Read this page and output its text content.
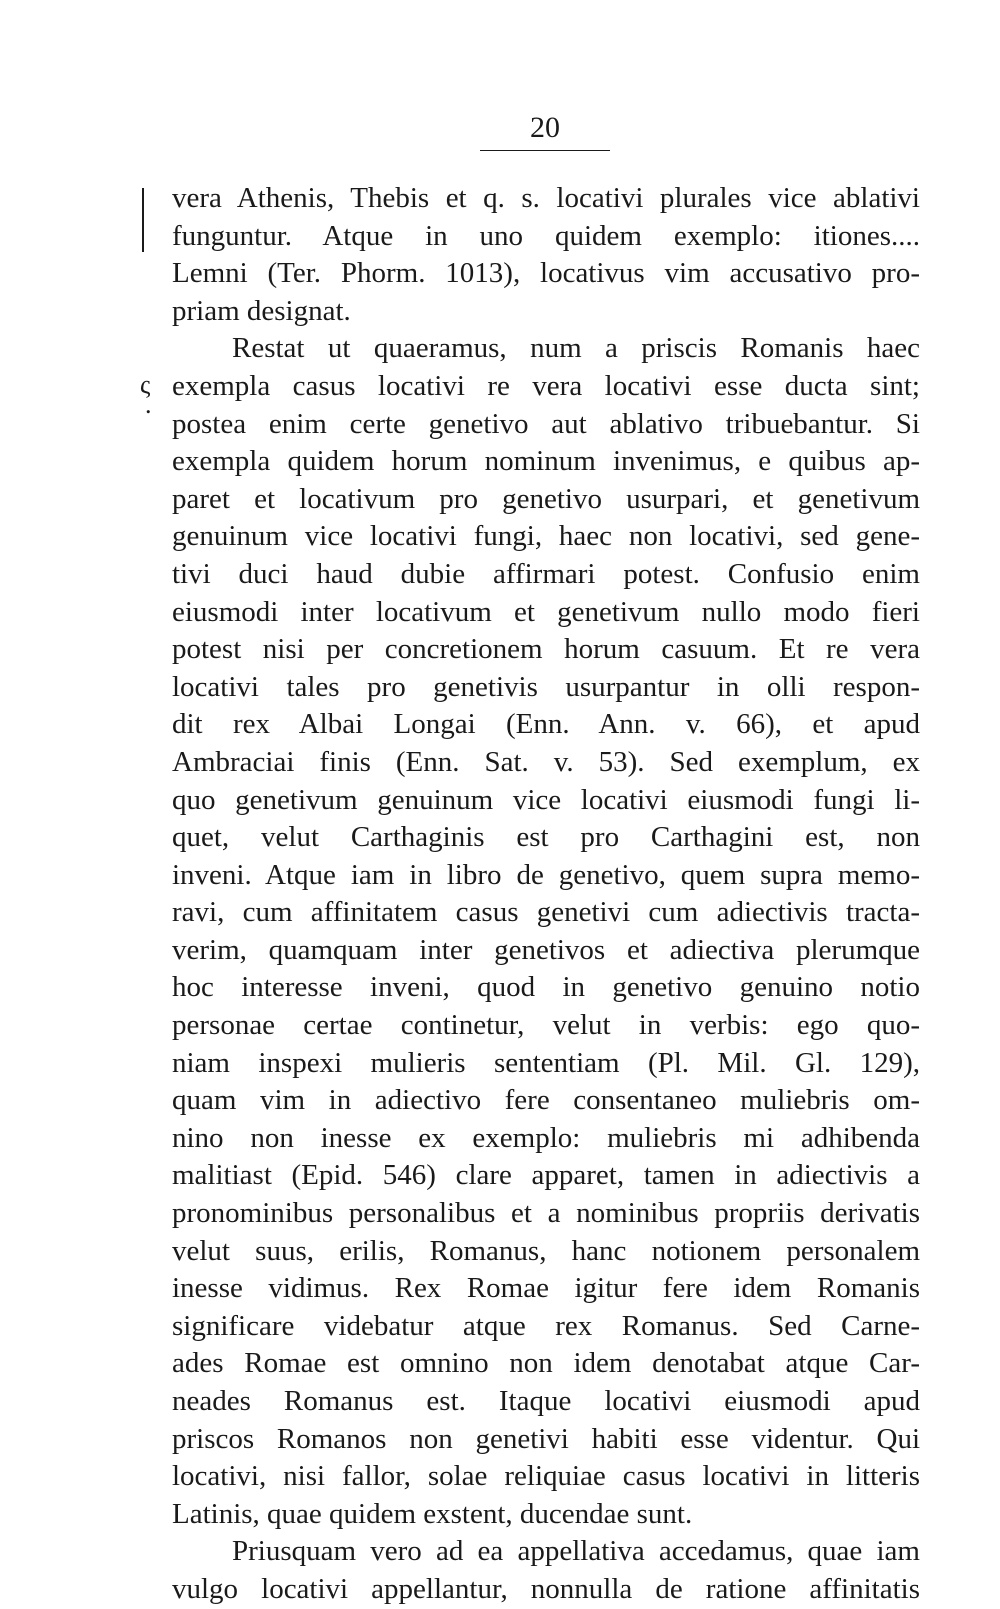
20
ς
.
vera Athenis, Thebis et q. s. locativi plurales vice ablativi
funguntur. Atque in uno quidem exemplo: itiones....
Lemni (Ter. Phorm. 1013), locativus vim accusativo pro-
priam designat.
Restat ut quaeramus, num a priscis Romanis haec
exempla casus locativi re vera locativi esse ducta sint;
postea enim certe genetivo aut ablativo tribuebantur. Si
exempla quidem horum nominum invenimus, e quibus ap-
paret et locativum pro genetivo usurpari, et genetivum
genuinum vice locativi fungi, haec non locativi, sed gene-
tivi duci haud dubie affirmari potest. Confusio enim
eiusmodi inter locativum et genetivum nullo modo fieri
potest nisi per concretionem horum casuum. Et re vera
locativi tales pro genetivis usurpantur in olli respon-
dit rex Albai Longai (Enn. Ann. v. 66), et apud
Ambraciai finis (Enn. Sat. v. 53). Sed exemplum, ex
quo genetivum genuinum vice locativi eiusmodi fungi li-
quet, velut Carthaginis est pro Carthagini est, non
inveni. Atque iam in libro de genetivo, quem supra memo-
ravi, cum affinitatem casus genetivi cum adiectivis tracta-
verim, quamquam inter genetivos et adiectiva plerumque
hoc interesse inveni, quod in genetivo genuino notio
personae certae continetur, velut in verbis: ego quo-
niam inspexi mulieris sententiam (Pl. Mil. Gl. 129),
quam vim in adiectivo fere consentaneo muliebris om-
nino non inesse ex exemplo: muliebris mi adhibenda
malitiast (Epid. 546) clare apparet, tamen in adiectivis a
pronominibus personalibus et a nominibus propriis derivatis
velut suus, erilis, Romanus, hanc notionem personalem
inesse vidimus. Rex Romae igitur fere idem Romanis
significare videbatur atque rex Romanus. Sed Carne-
ades Romae est omnino non idem denotabat atque Car-
neades Romanus est. Itaque locativi eiusmodi apud
priscos Romanos non genetivi habiti esse videntur. Qui
locativi, nisi fallor, solae reliquiae casus locativi in litteris
Latinis, quae quidem exstent, ducendae sunt.
Priusquam vero ad ea appellativa accedamus, quae iam
vulgo locativi appellantur, nonnulla de ratione affinitatis
